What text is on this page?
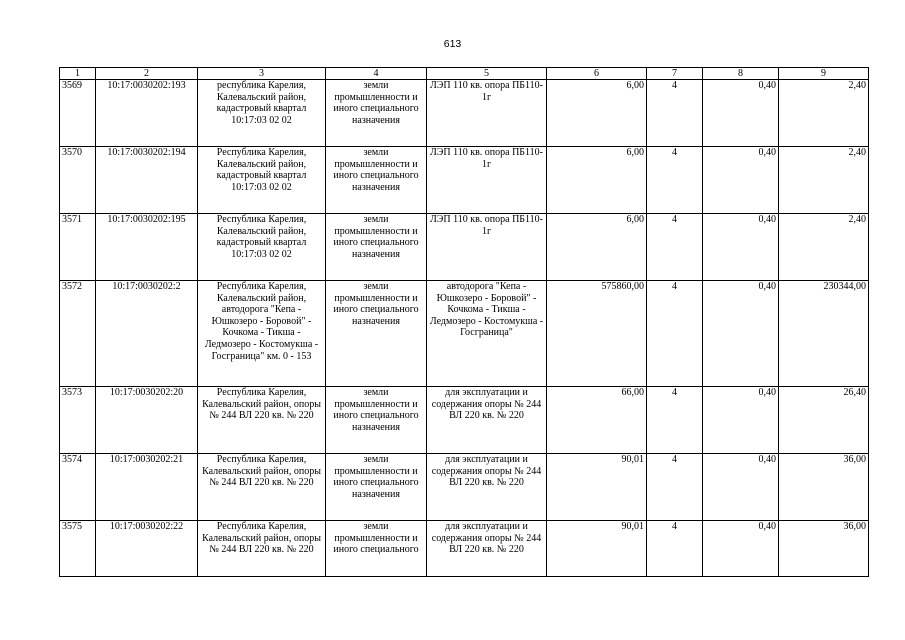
613
1	2	3	4	5	6	7	8	9
3569	10:17:0030202:193	республика Карелия, Калевальский район, кадастровый квартал 10:17:03 02 02	земли промышленности и иного специального назначения	ЛЭП 110 кв. опора ПБ110-1г	6,00	4	0,40	2,40
3570	10:17:0030202:194	Республика Карелия, Калевальский район, кадастровый квартал 10:17:03 02 02	земли промышленности и иного специального назначения	ЛЭП 110 кв. опора ПБ110-1г	6,00	4	0,40	2,40
3571	10:17:0030202:195	Республика Карелия, Калевальский район, кадастровый квартал 10:17:03 02 02	земли промышленности и иного специального назначения	ЛЭП 110 кв. опора ПБ110-1г	6,00	4	0,40	2,40
3572	10:17:0030202:2	Республика Карелия, Калевальский район, автодорога "Кепа - Юшкозеро - Боровой" - Кочкома - Тикша - Ледмозеро - Костомукша - Госграница" км. 0 - 153	земли промышленности и иного специального назначения	автодорога "Кепа - Юшкозеро - Боровой" - Кочкома - Тикша - Ледмозеро - Костомукша - Госграница"	575860,00	4	0,40	230344,00
3573	10:17:0030202:20	Республика Карелия, Калевальский район, опоры № 244 ВЛ 220 кв. № 220	земли промышленности и иного специального назначения	для эксплуатации и содержания опоры № 244 ВЛ 220 кв. № 220	66,00	4	0,40	26,40
3574	10:17:0030202:21	Республика Карелия, Калевальский район, опоры № 244 ВЛ 220 кв. № 220	земли промышленности и иного специального назначения	для эксплуатации и содержания опоры № 244 ВЛ 220 кв. № 220	90,01	4	0,40	36,00
3575	10:17:0030202:22	Республика Карелия, Калевальский район, опоры № 244 ВЛ 220 кв. № 220	земли промышленности и иного специального	для эксплуатации и содержания опоры № 244 ВЛ 220 кв. № 220	90,01	4	0,40	36,00
